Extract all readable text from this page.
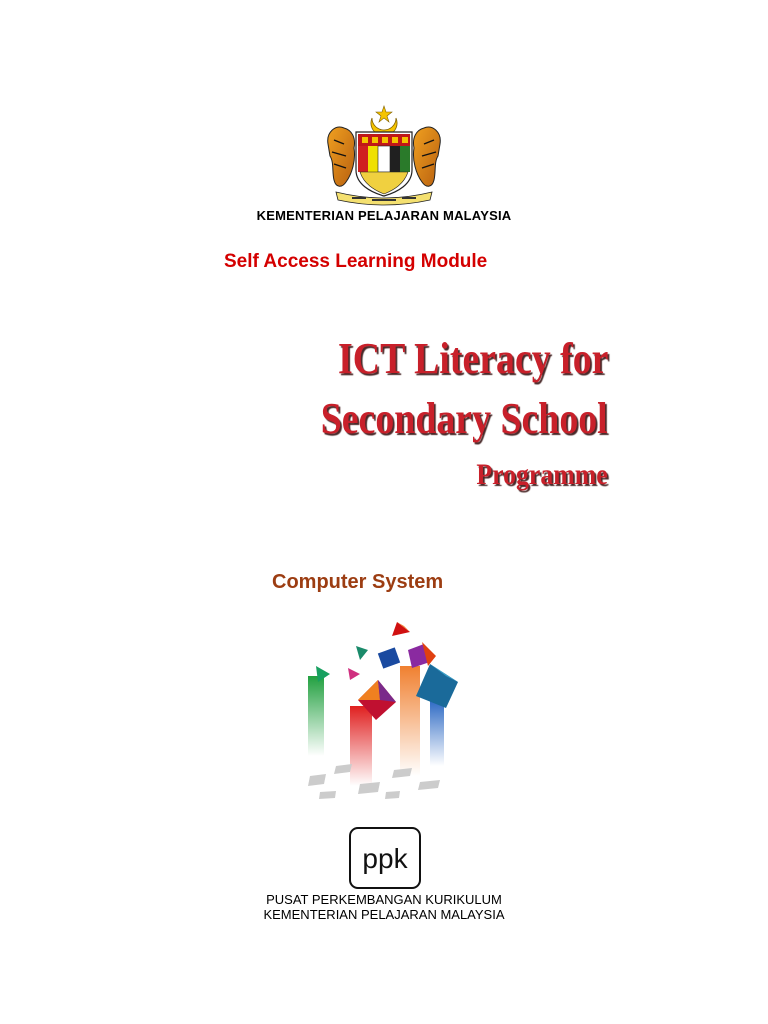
KEMENTERIAN PELAJARAN MALAYSIA
Self Access Learning Module
ICT Literacy for
Secondary School
Programme
Computer System
ppk
PUSAT PERKEMBANGAN KURIKULUM
KEMENTERIAN PELAJARAN MALAYSIA
